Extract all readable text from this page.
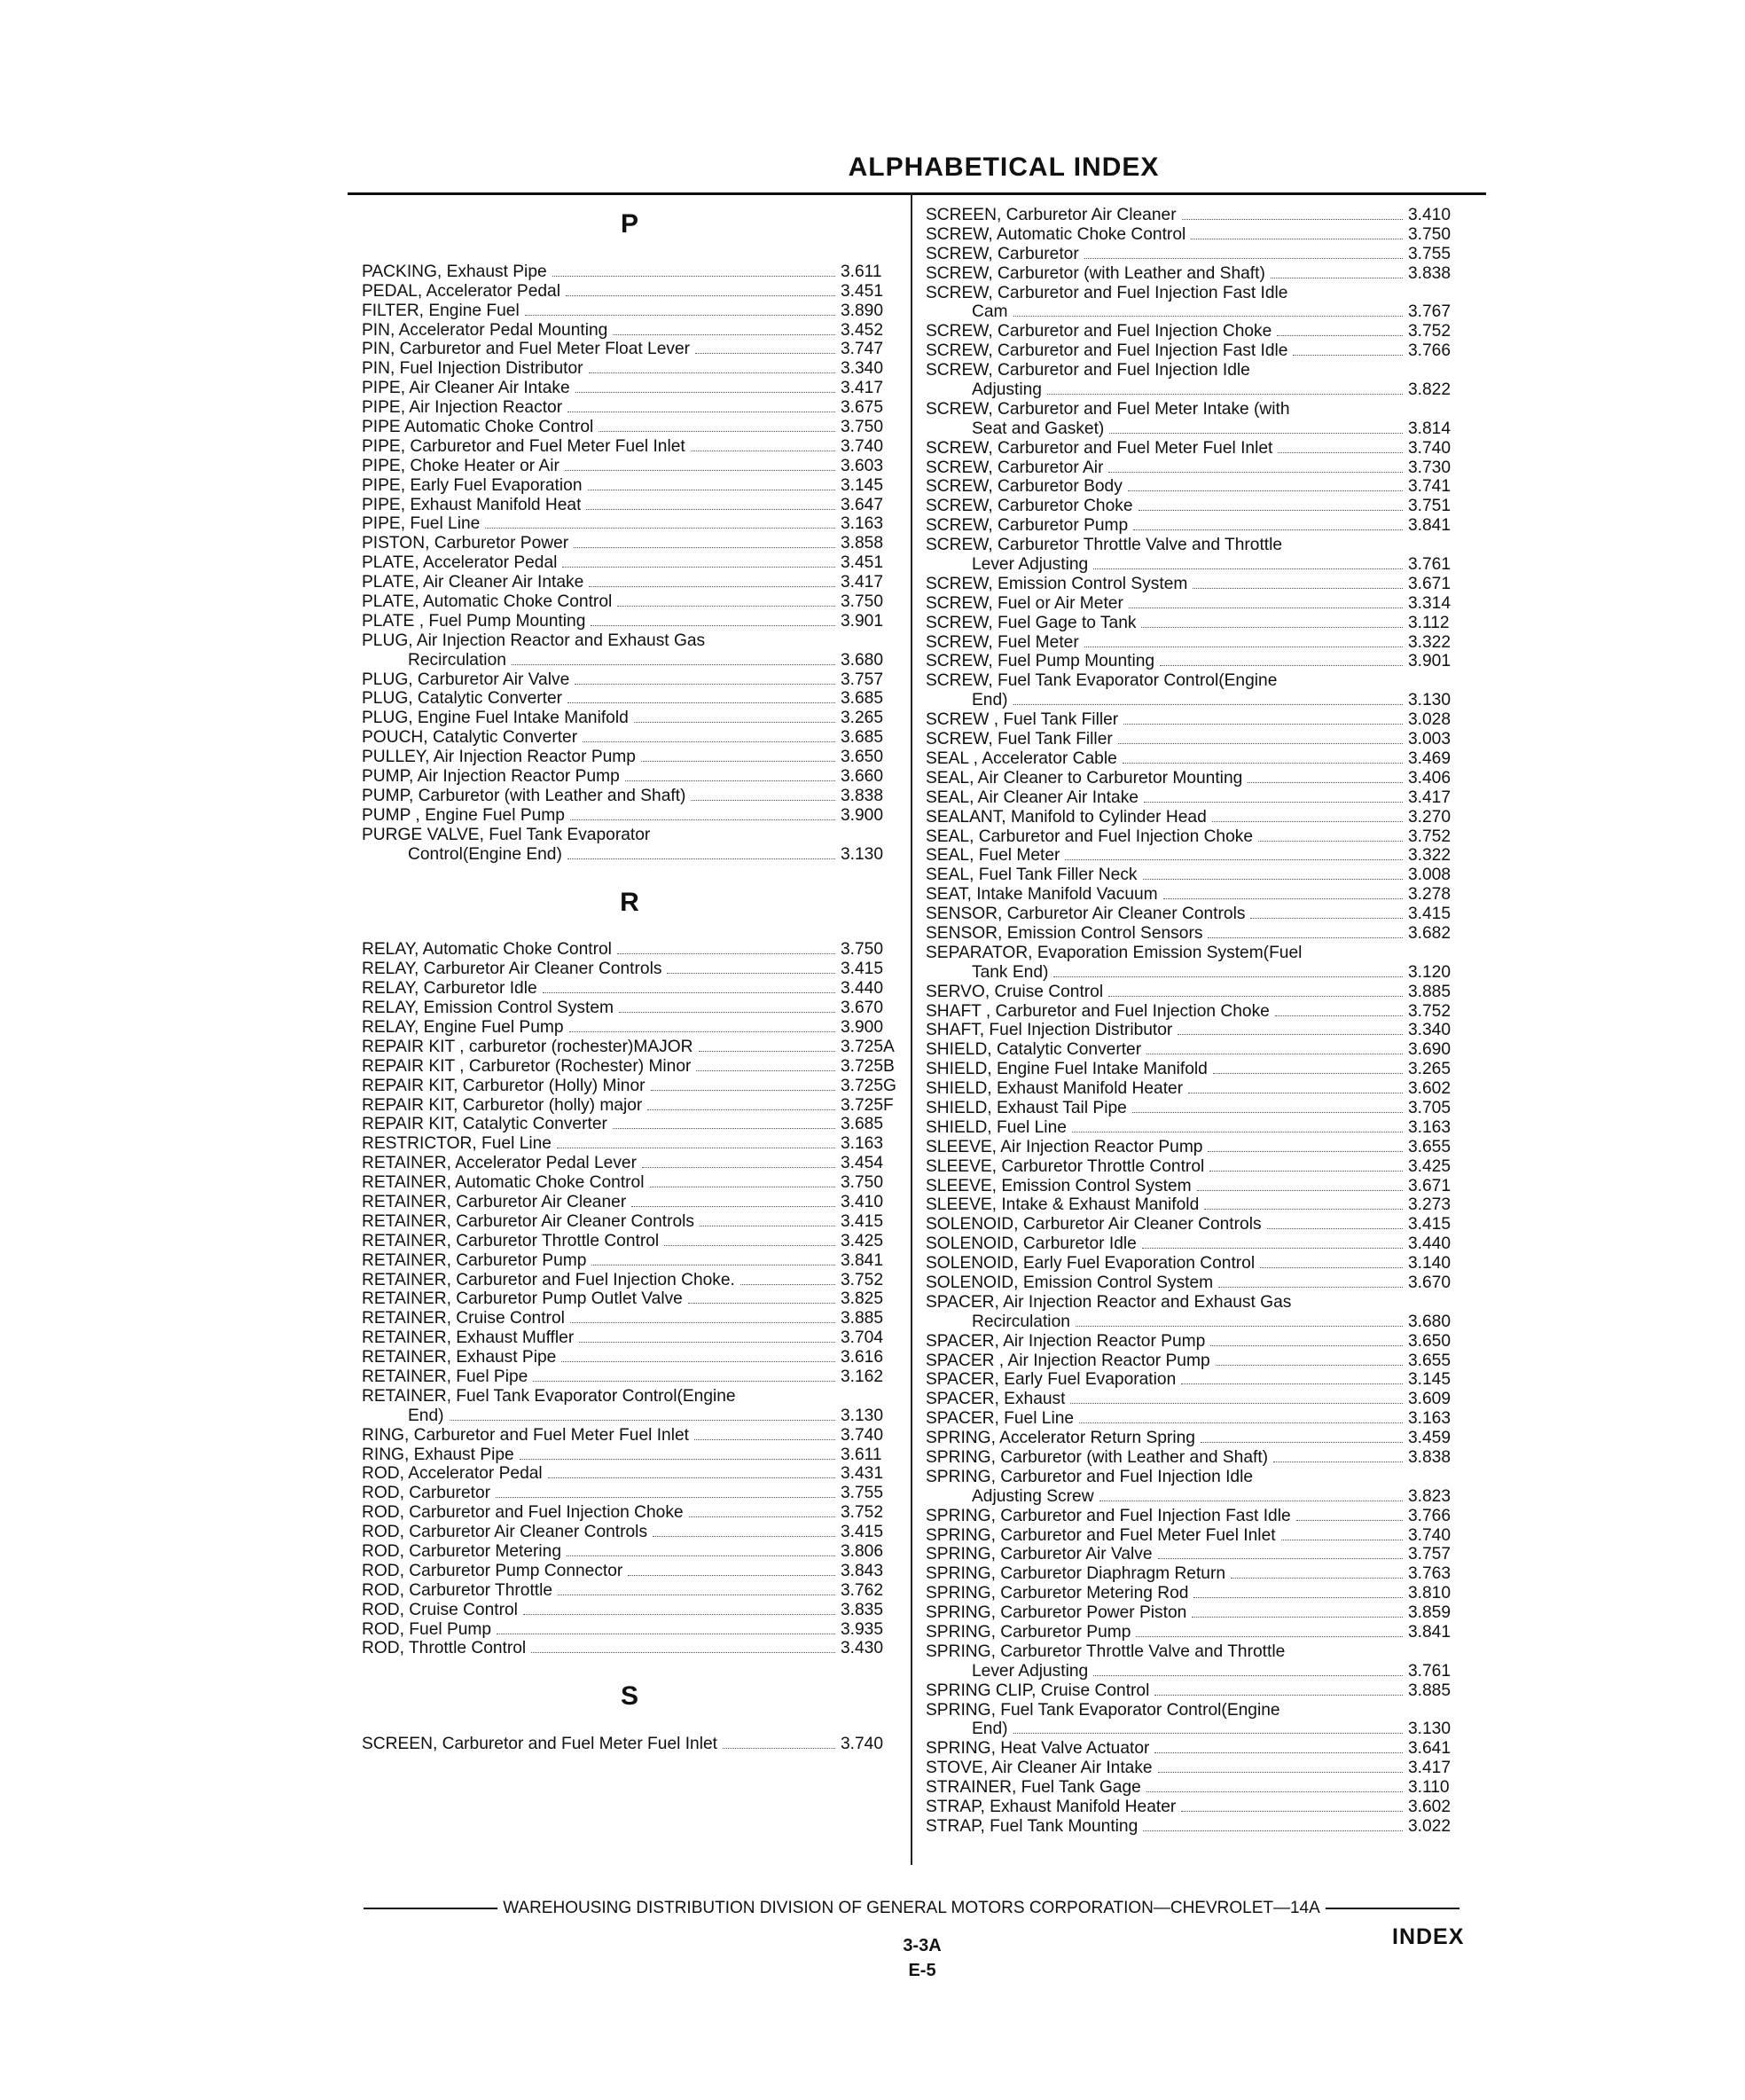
ALPHABETICAL INDEX
P
PACKING, Exhaust Pipe	3.611
PEDAL, Accelerator Pedal	3.451
FILTER, Engine Fuel	3.890
PIN, Accelerator Pedal Mounting	3.452
PIN, Carburetor and Fuel Meter Float Lever	3.747
PIN, Fuel Injection Distributor	3.340
PIPE, Air Cleaner Air Intake	3.417
PIPE, Air Injection Reactor	3.675
PIPE Automatic Choke Control	3.750
PIPE, Carburetor and Fuel Meter Fuel Inlet	3.740
PIPE, Choke Heater or Air	3.603
PIPE, Early Fuel Evaporation	3.145
PIPE, Exhaust Manifold Heat	3.647
PIPE, Fuel Line	3.163
PISTON, Carburetor Power	3.858
PLATE, Accelerator Pedal	3.451
PLATE, Air Cleaner Air Intake	3.417
PLATE, Automatic Choke Control	3.750
PLATE , Fuel Pump Mounting	3.901
PLUG, Air Injection Reactor and Exhaust Gas
Recirculation	3.680
PLUG, Carburetor Air Valve	3.757
PLUG, Catalytic Converter	3.685
PLUG, Engine Fuel Intake Manifold	3.265
POUCH, Catalytic Converter	3.685
PULLEY, Air Injection Reactor Pump	3.650
PUMP, Air Injection Reactor Pump	3.660
PUMP, Carburetor (with Leather and Shaft)	3.838
PUMP , Engine Fuel Pump	3.900
PURGE VALVE, Fuel Tank Evaporator
Control(Engine End)	3.130
R
RELAY, Automatic Choke Control	3.750
RELAY, Carburetor Air Cleaner Controls	3.415
RELAY, Carburetor Idle	3.440
RELAY, Emission Control System	3.670
RELAY, Engine Fuel Pump	3.900
REPAIR KIT , carburetor (rochester)MAJOR	3.725A
REPAIR KIT , Carburetor (Rochester) Minor	3.725B
REPAIR KIT, Carburetor (Holly) Minor	3.725G
REPAIR KIT, Carburetor (holly) major	3.725F
REPAIR KIT, Catalytic Converter	3.685
RESTRICTOR, Fuel Line	3.163
RETAINER, Accelerator Pedal Lever	3.454
RETAINER, Automatic Choke Control	3.750
RETAINER, Carburetor Air Cleaner	3.410
RETAINER, Carburetor Air Cleaner Controls	3.415
RETAINER, Carburetor Throttle Control	3.425
RETAINER, Carburetor Pump	3.841
RETAINER, Carburetor and Fuel Injection Choke.	3.752
RETAINER, Carburetor Pump Outlet Valve	3.825
RETAINER, Cruise Control	3.885
RETAINER, Exhaust Muffler	3.704
RETAINER, Exhaust Pipe	3.616
RETAINER, Fuel Pipe	3.162
RETAINER, Fuel Tank Evaporator Control(Engine
End)	3.130
RING, Carburetor and Fuel Meter Fuel Inlet	3.740
RING, Exhaust Pipe	3.611
ROD, Accelerator Pedal	3.431
ROD, Carburetor	3.755
ROD, Carburetor and Fuel Injection Choke	3.752
ROD, Carburetor Air Cleaner Controls	3.415
ROD, Carburetor Metering	3.806
ROD, Carburetor Pump Connector	3.843
ROD, Carburetor Throttle	3.762
ROD, Cruise Control	3.835
ROD, Fuel Pump	3.935
ROD, Throttle Control	3.430
S
SCREEN, Carburetor and Fuel Meter Fuel Inlet	3.740
SCREEN, Carburetor Air Cleaner	3.410
SCREW, Automatic Choke Control	3.750
SCREW, Carburetor	3.755
SCREW, Carburetor (with Leather and Shaft)	3.838
SCREW, Carburetor and Fuel Injection Fast Idle
Cam	3.767
SCREW, Carburetor and Fuel Injection Choke	3.752
SCREW, Carburetor and Fuel Injection Fast Idle	3.766
SCREW, Carburetor and Fuel Injection Idle
Adjusting	3.822
SCREW, Carburetor and Fuel Meter Intake (with
Seat and Gasket)	3.814
SCREW, Carburetor and Fuel Meter Fuel Inlet	3.740
SCREW, Carburetor Air	3.730
SCREW, Carburetor Body	3.741
SCREW, Carburetor Choke	3.751
SCREW, Carburetor Pump	3.841
SCREW, Carburetor Throttle Valve and Throttle
Lever Adjusting	3.761
SCREW, Emission Control System	3.671
SCREW, Fuel or Air Meter	3.314
SCREW, Fuel Gage to Tank	3.112
SCREW, Fuel Meter	3.322
SCREW, Fuel Pump Mounting	3.901
SCREW, Fuel Tank Evaporator Control(Engine
End)	3.130
SCREW , Fuel Tank Filler	3.028
SCREW, Fuel Tank Filler	3.003
SEAL , Accelerator Cable	3.469
SEAL, Air Cleaner to Carburetor Mounting	3.406
SEAL, Air Cleaner Air Intake	3.417
SEALANT, Manifold to Cylinder Head	3.270
SEAL, Carburetor and Fuel Injection Choke	3.752
SEAL, Fuel Meter	3.322
SEAL, Fuel Tank Filler Neck	3.008
SEAT, Intake Manifold Vacuum	3.278
SENSOR, Carburetor Air Cleaner Controls	3.415
SENSOR, Emission Control Sensors	3.682
SEPARATOR, Evaporation Emission System(Fuel
Tank End)	3.120
SERVO, Cruise Control	3.885
SHAFT , Carburetor and Fuel Injection Choke	3.752
SHAFT, Fuel Injection Distributor	3.340
SHIELD, Catalytic Converter	3.690
SHIELD, Engine Fuel Intake Manifold	3.265
SHIELD, Exhaust Manifold Heater	3.602
SHIELD, Exhaust Tail Pipe	3.705
SHIELD, Fuel Line	3.163
SLEEVE, Air Injection Reactor Pump	3.655
SLEEVE, Carburetor Throttle Control	3.425
SLEEVE, Emission Control System	3.671
SLEEVE, Intake & Exhaust Manifold	3.273
SOLENOID, Carburetor Air Cleaner Controls	3.415
SOLENOID, Carburetor Idle	3.440
SOLENOID, Early Fuel Evaporation Control	3.140
SOLENOID, Emission Control System	3.670
SPACER, Air Injection Reactor and Exhaust Gas
Recirculation	3.680
SPACER, Air Injection Reactor Pump	3.650
SPACER , Air Injection Reactor Pump	3.655
SPACER, Early Fuel Evaporation	3.145
SPACER, Exhaust	3.609
SPACER, Fuel Line	3.163
SPRING, Accelerator Return Spring	3.459
SPRING, Carburetor (with Leather and Shaft)	3.838
SPRING, Carburetor and Fuel Injection Idle
Adjusting Screw	3.823
SPRING, Carburetor and Fuel Injection Fast Idle	3.766
SPRING, Carburetor and Fuel Meter Fuel Inlet	3.740
SPRING, Carburetor Air Valve	3.757
SPRING, Carburetor Diaphragm Return	3.763
SPRING, Carburetor Metering Rod	3.810
SPRING, Carburetor Power Piston	3.859
SPRING, Carburetor Pump	3.841
SPRING, Carburetor Throttle Valve and Throttle
Lever Adjusting	3.761
SPRING CLIP, Cruise Control	3.885
SPRING, Fuel Tank Evaporator Control(Engine
End)	3.130
SPRING, Heat Valve Actuator	3.641
STOVE, Air Cleaner Air Intake	3.417
STRAINER, Fuel Tank Gage	3.110
STRAP, Exhaust Manifold Heater	3.602
STRAP, Fuel Tank Mounting	3.022
WAREHOUSING DISTRIBUTION DIVISION OF GENERAL MOTORS CORPORATION—CHEVROLET—14A
INDEX
3-3A
E-5
